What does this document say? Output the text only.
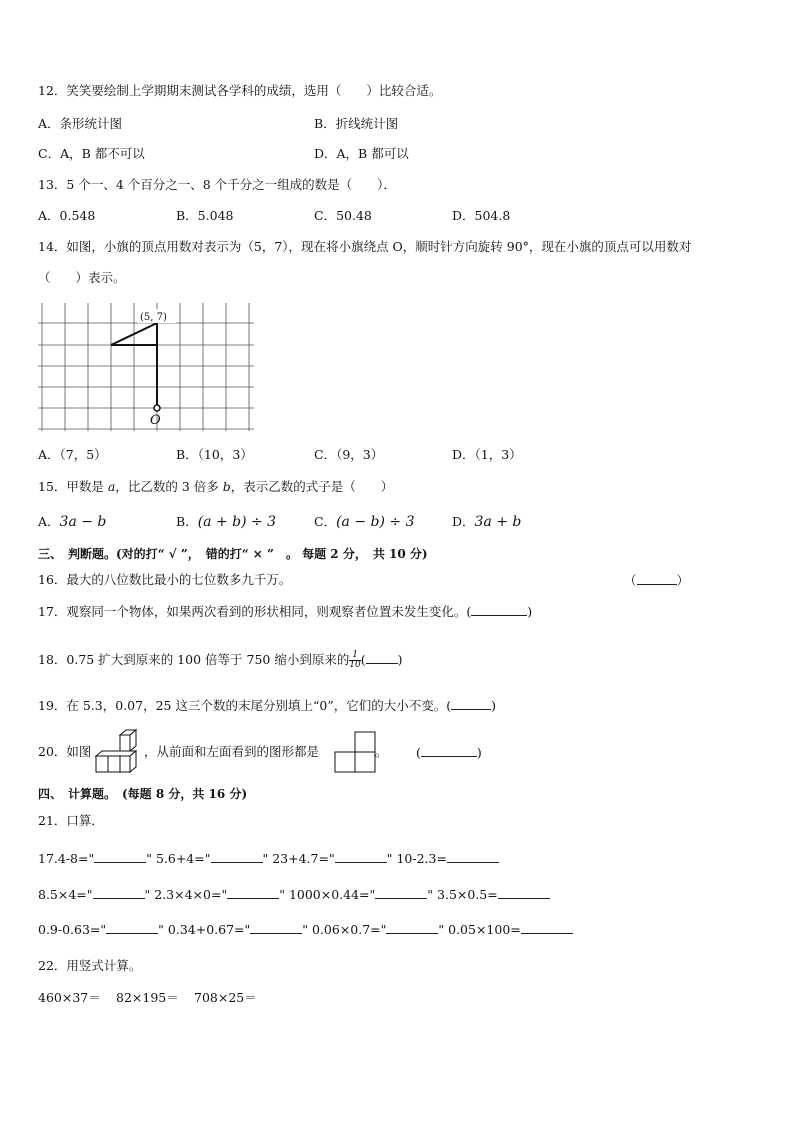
12．笑笑要绘制上学期期末测试各学科的成绩，选用（　　）比较合适。
A．条形统计图	B．折线统计图
C．A，B 都不可以	D．A，B 都可以
13．5 个一、4 个百分之一、8 个千分之一组成的数是（　　）．
A．0.548	B．5.048	C．50.48	D．504.8
14．如图，小旗的顶点用数对表示为（5，7），现在将小旗绕点 O，顺时针方向旋转 90°，现在小旗的顶点可以用数对
（　　）表示。
(5, 7)
O
A．（7，5）	B．（10，3）	C．（9，3）	D．（1，3）
15．甲数是 a，比乙数的 3 倍多 b，表示乙数的式子是（　　）
A．3a − b	B．(a + b) ÷ 3	C．(a − b) ÷ 3	D．3a + b
三、　判断题。(对的打“ √ ”，　错的打“ × ”　。 每题 2 分，　共 10 分)
16．最大的八位数比最小的七位数多九千万。	（	）
17．观察同一个物体，如果两次看到的形状相同，则观察者位置未发生变化。(	)
18．0.75 扩大到原来的 100 倍等于 750 缩小到原来的 $\frac{1}{10}$ (	)
19．在 5.3，0.07，25 这三个数的末尾分别填上“0”，它们的大小不变。(	)
20．如图	，从前面和左面看到的图形都是	。 (	)
四、　计算题。　(每题 8 分，共 16 分)
21．口算．
17.4-8="	" 5.6+4="	" 23+4.7="	" 10-2.3=
8.5×4="	" 2.3×4×0="	" 1000×0.44="	" 3.5×0.5=
0.9-0.63="	" 0.34+0.67="	" 0.06×0.7="	" 0.05×100=
22．用竖式计算。
460×37＝ 82×195＝ 708×25＝
